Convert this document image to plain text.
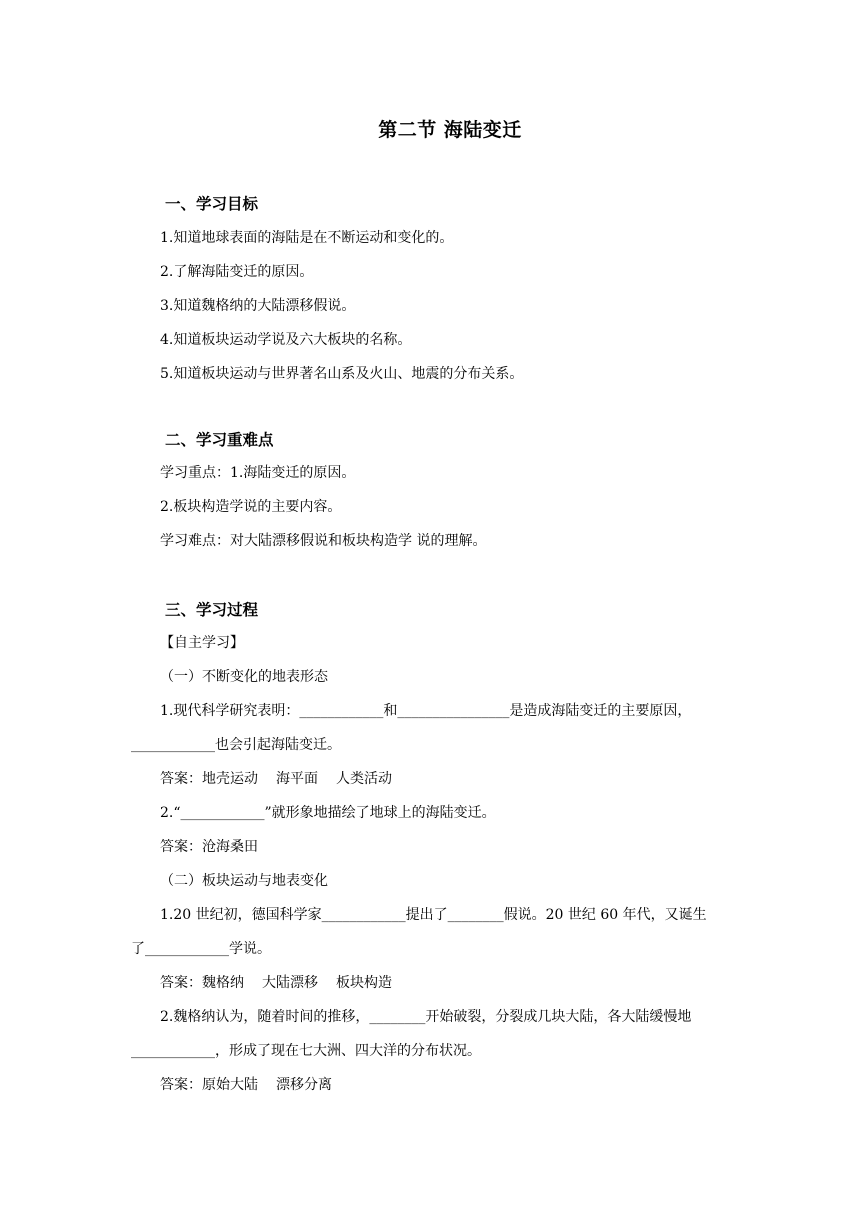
第二节 海陆变迁
一、学习目标
1.知道地球表面的海陆是在不断运动和变化的。
2.了解海陆变迁的原因。
3.知道魏格纳的大陆漂移假说。
4.知道板块运动学说及六大板块的名称。
5.知道板块运动与世界著名山系及火山、地震的分布关系。
二、学习重难点
学习重点：1.海陆变迁的原因。
2.板块构造学说的主要内容。
学习难点：对大陆漂移假说和板块构造学 说的理解。
三、学习过程
【自主学习】
（一）不断变化的地表形态
1.现代科学研究表明：____________和________________是造成海陆变迁的主要原因，
____________也会引起海陆变迁。
答案：地壳运动 海平面 人类活动
2.“____________”就形象地描绘了地球上的海陆变迁。
答案：沧海桑田
（二）板块运动与地表变化
1.20 世纪初，德国科学家____________提出了________假说。20 世纪 60 年代，又诞生
了____________学说。
答案：魏格纳 大陆漂移 板块构造
2.魏格纳认为，随着时间的推移，________开始破裂，分裂成几块大陆，各大陆缓慢地
____________，形成了现在七大洲、四大洋的分布状况。
答案：原始大陆 漂移分离
